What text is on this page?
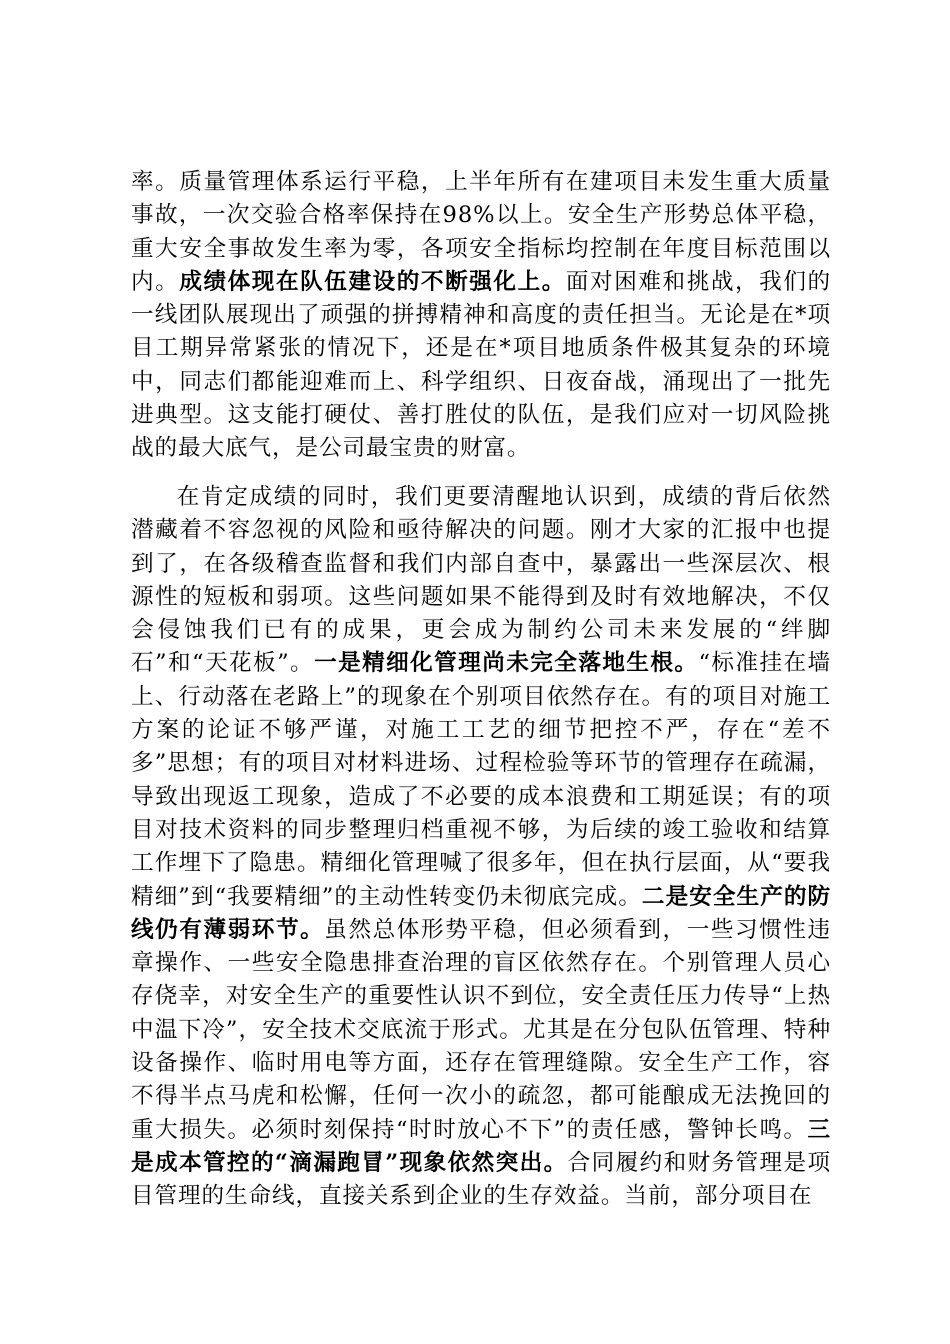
率。质量管理体系运行平稳，上半年所有在建项目未发生重大质量事故，一次交验合格率保持在98%以上。安全生产形势总体平稳，重大安全事故发生率为零，各项安全指标均控制在年度目标范围以内。成绩体现在队伍建设的不断强化上。面对困难和挑战，我们的一线团队展现出了顽强的拼搏精神和高度的责任担当。无论是在*项目工期异常紧张的情况下，还是在*项目地质条件极其复杂的环境中，同志们都能迎难而上、科学组织、日夜奋战，涌现出了一批先进典型。这支能打硬仗、善打胜仗的队伍，是我们应对一切风险挑战的最大底气，是公司最宝贵的财富。
在肯定成绩的同时，我们更要清醒地认识到，成绩的背后依然潜藏着不容忽视的风险和亟待解决的问题。刚才大家的汇报中也提到了，在各级稽查监督和我们内部自查中，暴露出一些深层次、根源性的短板和弱项。这些问题如果不能得到及时有效地解决，不仅会侵蚀我们已有的成果，更会成为制约公司未来发展的“绊脚石”和“天花板”。一是精细化管理尚未完全落地生根。“标准挂在墙上、行动落在老路上”的现象在个别项目依然存在。有的项目对施工方案的论证不够严谨，对施工工艺的细节把控不严，存在“差不多”思想；有的项目对材料进场、过程检验等环节的管理存在疏漏，导致出现返工现象，造成了不必要的成本浪费和工期延误；有的项目对技术资料的同步整理归档重视不够，为后续的竣工验收和结算工作埋下了隐患。精细化管理喊了很多年，但在执行层面，从“要我精细”到“我要精细”的主动性转变仍未彻底完成。二是安全生产的防线仍有薄弱环节。虽然总体形势平稳，但必须看到，一些习惯性违章操作、一些安全隐患排查治理的盲区依然存在。个别管理人员心存侥幸，对安全生产的重要性认识不到位，安全责任压力传导“上热中温下冷”，安全技术交底流于形式。尤其是在分包队伍管理、特种设备操作、临时用电等方面，还存在管理缝隙。安全生产工作，容不得半点马虎和松懈，任何一次小的疏忽，都可能酿成无法挽回的重大损失。必须时刻保持“时时放心不下”的责任感，警钟长鸣。三是成本管控的“滴漏跑冒”现象依然突出。合同履约和财务管理是项目管理的生命线，直接关系到企业的生存效益。当前，部分项目在
